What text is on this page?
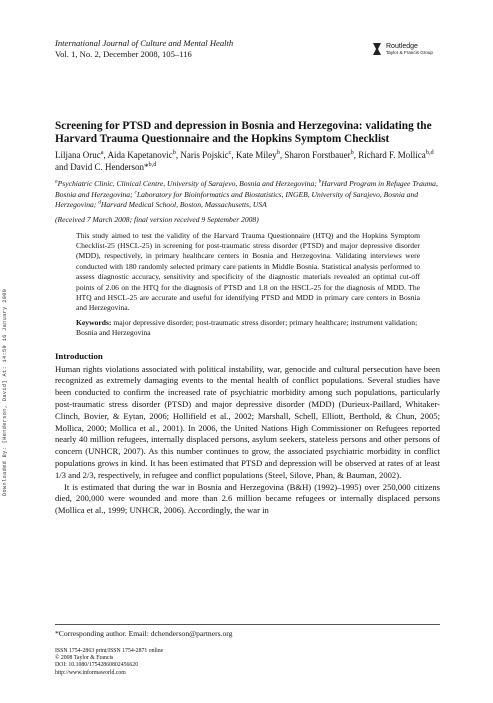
Downloaded By: [Henderson, David] At: 14:59 16 January 2009
International Journal of Culture and Mental Health
Vol. 1, No. 2, December 2008, 105–116
Routledge
Taylor & Francis Group
Screening for PTSD and depression in Bosnia and Herzegovina: validating the Harvard Trauma Questionnaire and the Hopkins Symptom Checklist
Liljana Oruc$^a$, Aida Kapetanovic$^b$, Naris Pojskic$^c$, Kate Miley$^b$, Sharon Forstbauer$^b$, Richard F. Mollica$^{b,d}$ and David C. Henderson*$^{b,d}$
$^a$Psychiatric Clinic, Clinical Centre, University of Sarajevo, Bosnia and Herzegovina; $^b$Harvard Program in Refugee Trauma, Bosnia and Herzegovina; $^c$Laboratory for Bioinformatics and Biostatistics, INGEB, University of Sarajevo, Bosnia and Herzegovina; $^d$Harvard Medical School, Boston, Massachusetts, USA
(Received 7 March 2008; final version received 9 September 2008)
This study aimed to test the validity of the Harvard Trauma Questionnaire (HTQ) and the Hopkins Symptom Checklist-25 (HSCL-25) in screening for post-traumatic stress disorder (PTSD) and major depressive disorder (MDD), respectively, in primary healthcare centers in Bosnia and Herzegovina. Validating interviews were conducted with 180 randomly selected primary care patients in Middle Bosnia. Statistical analysis performed to assess diagnostic accuracy, sensitivity and specificity of the diagnostic materials revealed an optimal cut-off points of 2.06 on the HTQ for the diagnosis of PTSD and 1.8 on the HSCL-25 for the diagnosis of MDD. The HTQ and HSCL-25 are accurate and useful for identifying PTSD and MDD in primary care centers in Bosnia and Herzegovina.
Keywords: major depressive disorder; post-traumatic stress disorder; primary healthcare; instrument validation; Bosnia and Herzegovina
Introduction

Human rights violations associated with political instability, war, genocide and cultural persecution have been recognized as extremely damaging events to the mental health of conflict populations. Several studies have been conducted to confirm the increased rate of psychiatric morbidity among such populations, particularly post-traumatic stress disorder (PTSD) and major depressive disorder (MDD) (Durieux-Paillard, Whitaker-Clinch, Bovier, & Eytan, 2006; Hollifield et al., 2002; Marshall, Schell, Elliott, Berthold, & Chun, 2005; Mollica, 2000; Mollica et al., 2001). In 2006, the United Nations High Commissioner on Refugees reported nearly 40 million refugees, internally displaced persons, asylum seekers, stateless persons and other persons of concern (UNHCR, 2007). As this number continues to grow, the associated psychiatric morbidity in conflict populations grows in kind. It has been estimated that PTSD and depression will be observed at rates of at least 1/3 and 2/3, respectively, in refugee and conflict populations (Steel, Silove, Phan, & Bauman, 2002).

It is estimated that during the war in Bosnia and Herzegovina (B&H) (1992)–1995) over 250,000 citizens died, 200,000 were wounded and more than 2.6 million became refugees or internally displaced persons (Mollica et al., 1999; UNHCR, 2006). Accordingly, the war in

*Corresponding author. Email: dchenderson@partners.org
ISSN 1754-2863 print/ISSN 1754-2871 online
© 2008 Taylor & Francis
DOI: 10.1080/17542860802456620
http://www.informaworld.com
